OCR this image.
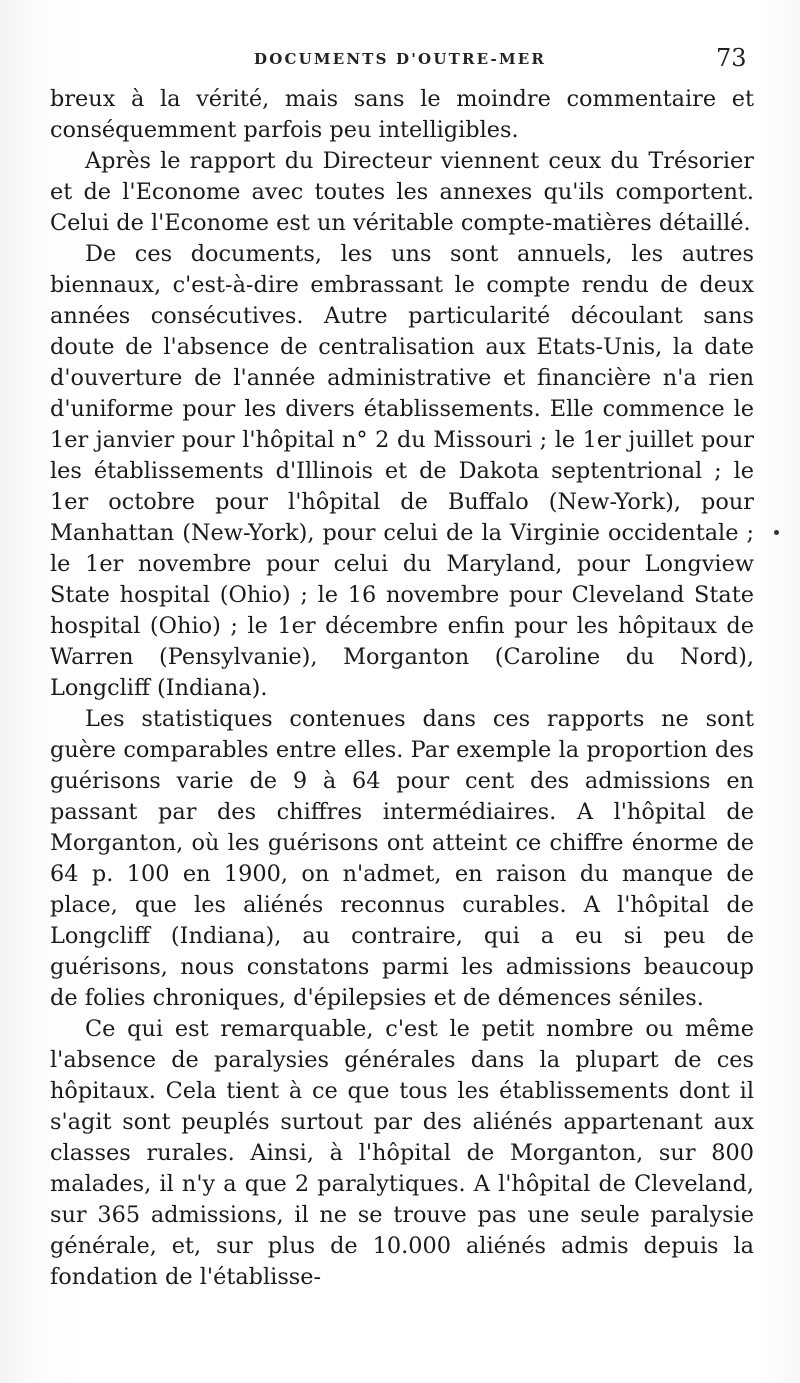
DOCUMENTS D'OUTRE-MER	73

breux à la vérité, mais sans le moindre commentaire et conséquemment parfois peu intelligibles.

Après le rapport du Directeur viennent ceux du Trésorier et de l'Econome avec toutes les annexes qu'ils comportent. Celui de l'Econome est un véritable compte-matières détaillé.

De ces documents, les uns sont annuels, les autres biennaux, c'est-à-dire embrassant le compte rendu de deux années consécutives. Autre particularité découlant sans doute de l'absence de centralisation aux Etats-Unis, la date d'ouverture de l'année administrative et financière n'a rien d'uniforme pour les divers établissements. Elle commence le 1er janvier pour l'hôpital n° 2 du Missouri ; le 1er juillet pour les établissements d'Illinois et de Dakota septentrional ; le 1er octobre pour l'hôpital de Buffalo (New-York), pour Manhattan (New-York), pour celui de la Virginie occidentale ; le 1er novembre pour celui du Maryland, pour Longview State hospital (Ohio) ; le 16 novembre pour Cleveland State hospital (Ohio) ; le 1er décembre enfin pour les hôpitaux de Warren (Pensylvanie), Morganton (Caroline du Nord), Longcliff (Indiana).

Les statistiques contenues dans ces rapports ne sont guère comparables entre elles. Par exemple la proportion des guérisons varie de 9 à 64 pour cent des admissions en passant par des chiffres intermédiaires. A l'hôpital de Morganton, où les guérisons ont atteint ce chiffre énorme de 64 p. 100 en 1900, on n'admet, en raison du manque de place, que les aliénés reconnus curables. A l'hôpital de Longcliff (Indiana), au contraire, qui a eu si peu de guérisons, nous constatons parmi les admissions beaucoup de folies chroniques, d'épilepsies et de démences séniles.

Ce qui est remarquable, c'est le petit nombre ou même l'absence de paralysies générales dans la plupart de ces hôpitaux. Cela tient à ce que tous les établissements dont il s'agit sont peuplés surtout par des aliénés appartenant aux classes rurales. Ainsi, à l'hôpital de Morganton, sur 800 malades, il n'y a que 2 paralytiques. A l'hôpital de Cleveland, sur 365 admissions, il ne se trouve pas une seule paralysie générale, et, sur plus de 10.000 aliénés admis depuis la fondation de l'établisse-
